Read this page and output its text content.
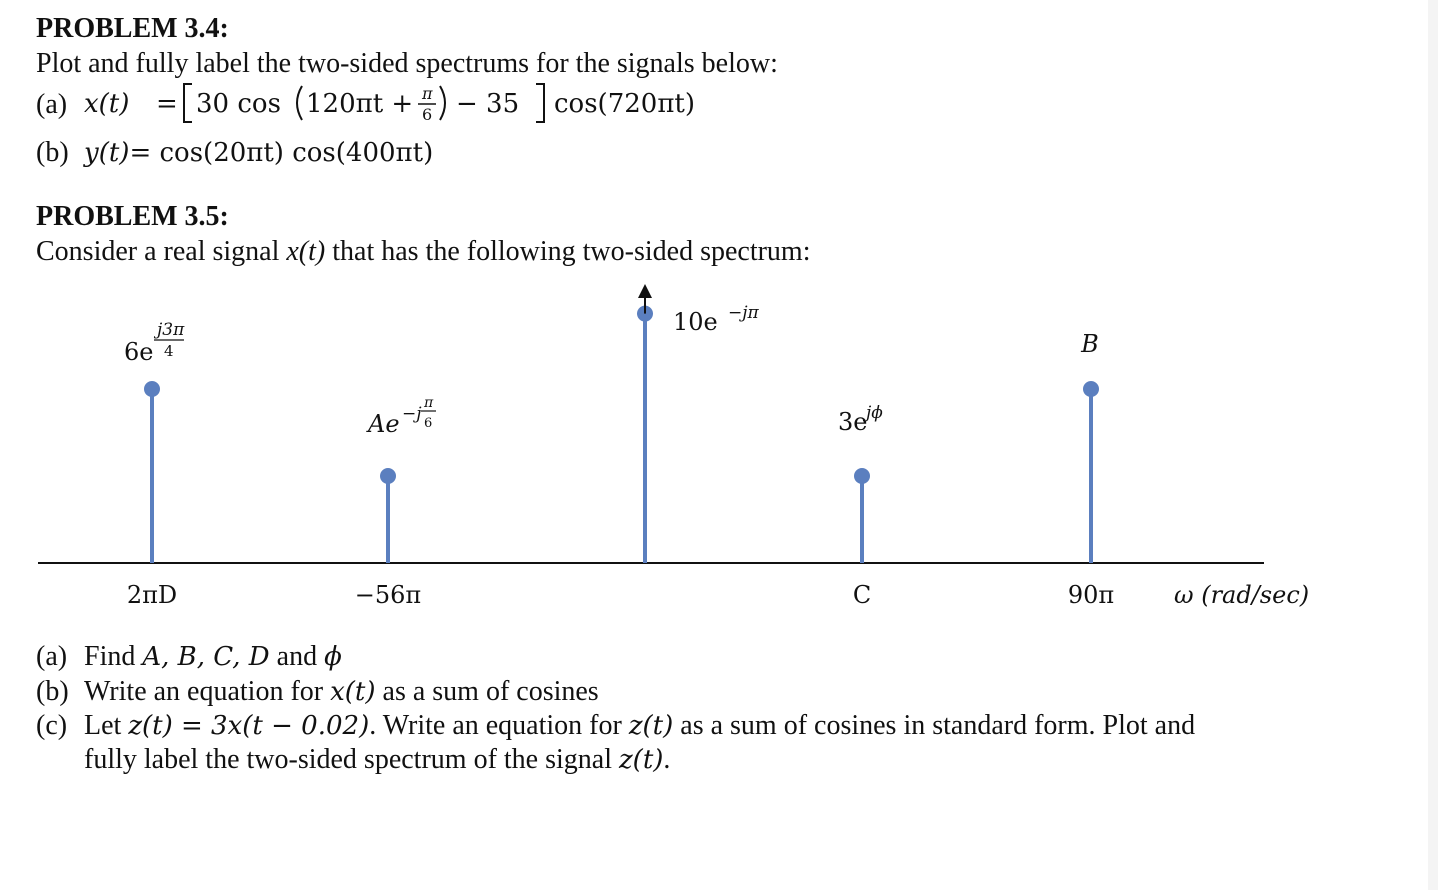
PROBLEM 3.4:
Plot and fully label the two-sided spectrums for the signals below:
(a) x(t) = 30 cos 120πt + π
6 − 35 cos(720πt)
(b) y(t)= cos(20πt) cos(400πt)
PROBLEM 3.5:
Consider a real signal x(t) that has the following two-sided spectrum:
2πD
6e
j3π
4
−56π
Ae −j
π
6
10e −jπ
C
3e
jϕ
90π
B
ω (rad/sec)
(a) Find A, B, C, D and ϕ
(b) Write an equation for x(t) as a sum of cosines
(c) Let z(t) = 3x(t − 0.02). Write an equation for z(t) as a sum of cosines in standard form. Plot and
fully label the two-sided spectrum of the signal z(t).
